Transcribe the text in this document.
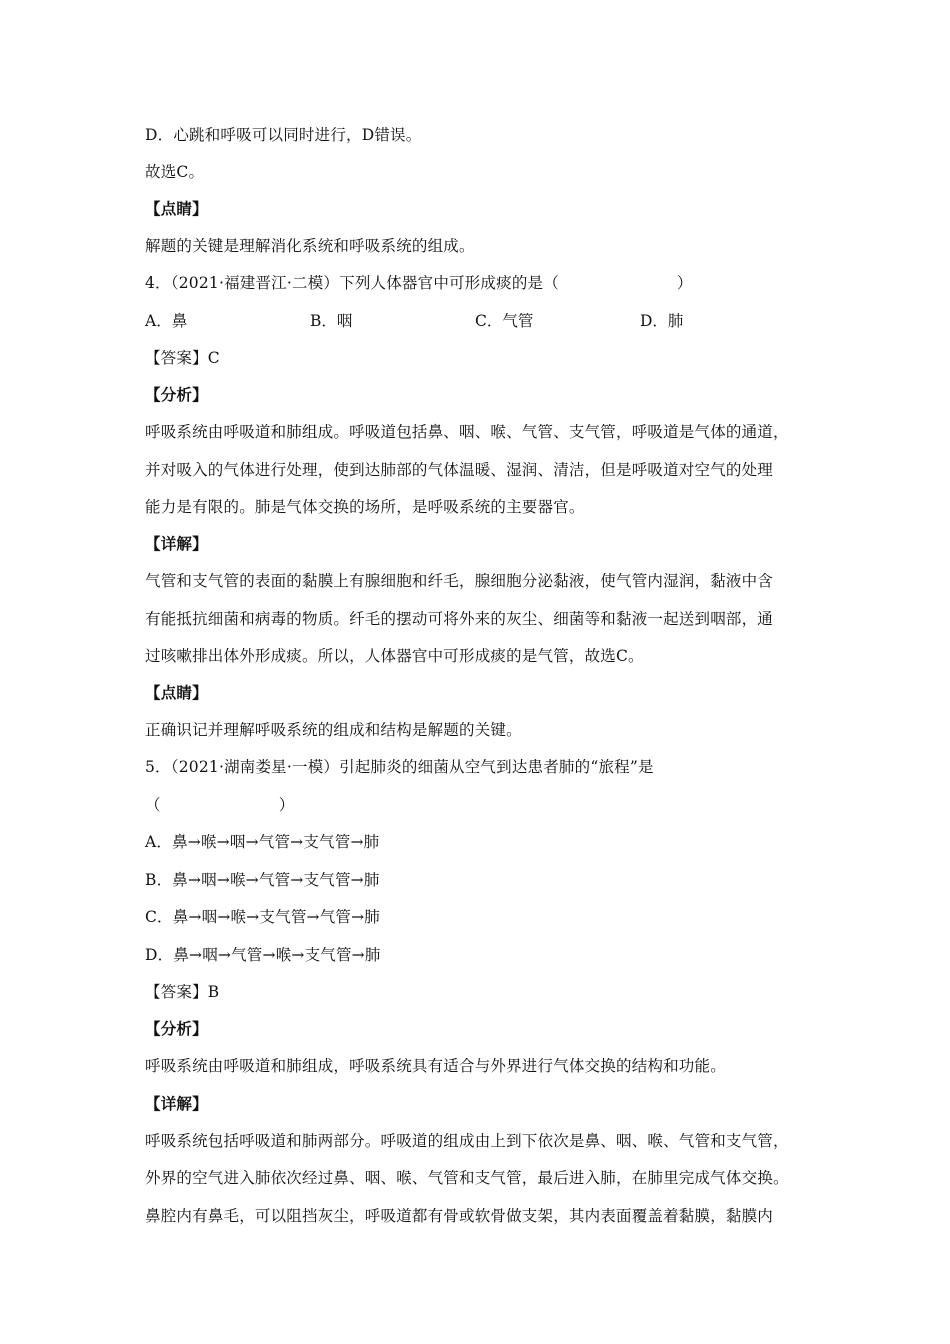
D．心跳和呼吸可以同时进行，D错误。
故选C。
【点睛】
解题的关键是理解消化系统和呼吸系统的组成。
4．（2021·福建晋江·二模）下列人体器官中可形成痰的是（	）
A．鼻	B．咽	C．气管	D．肺
【答案】C
【分析】
呼吸系统由呼吸道和肺组成。呼吸道包括鼻、咽、喉、气管、支气管，呼吸道是气体的通道，
并对吸入的气体进行处理，使到达肺部的气体温暖、湿润、清洁，但是呼吸道对空气的处理
能力是有限的。肺是气体交换的场所，是呼吸系统的主要器官。
【详解】
气管和支气管的表面的黏膜上有腺细胞和纤毛，腺细胞分泌黏液，使气管内湿润，黏液中含
有能抵抗细菌和病毒的物质。纤毛的摆动可将外来的灰尘、细菌等和黏液一起送到咽部，通
过咳嗽排出体外形成痰。所以，人体器官中可形成痰的是气管，故选C。
【点睛】
正确识记并理解呼吸系统的组成和结构是解题的关键。
5．（2021·湖南娄星·一模）引起肺炎的细菌从空气到达患者肺的“旅程”是
（	）
A．鼻→喉→咽→气管→支气管→肺
B．鼻→咽→喉→气管→支气管→肺
C．鼻→咽→喉→支气管→气管→肺
D．鼻→咽→气管→喉→支气管→肺
【答案】B
【分析】
呼吸系统由呼吸道和肺组成，呼吸系统具有适合与外界进行气体交换的结构和功能。
【详解】
呼吸系统包括呼吸道和肺两部分。呼吸道的组成由上到下依次是鼻、咽、喉、气管和支气管，
外界的空气进入肺依次经过鼻、咽、喉、气管和支气管，最后进入肺，在肺里完成气体交换。
鼻腔内有鼻毛，可以阻挡灰尘，呼吸道都有骨或软骨做支架，其内表面覆盖着黏膜，黏膜内
